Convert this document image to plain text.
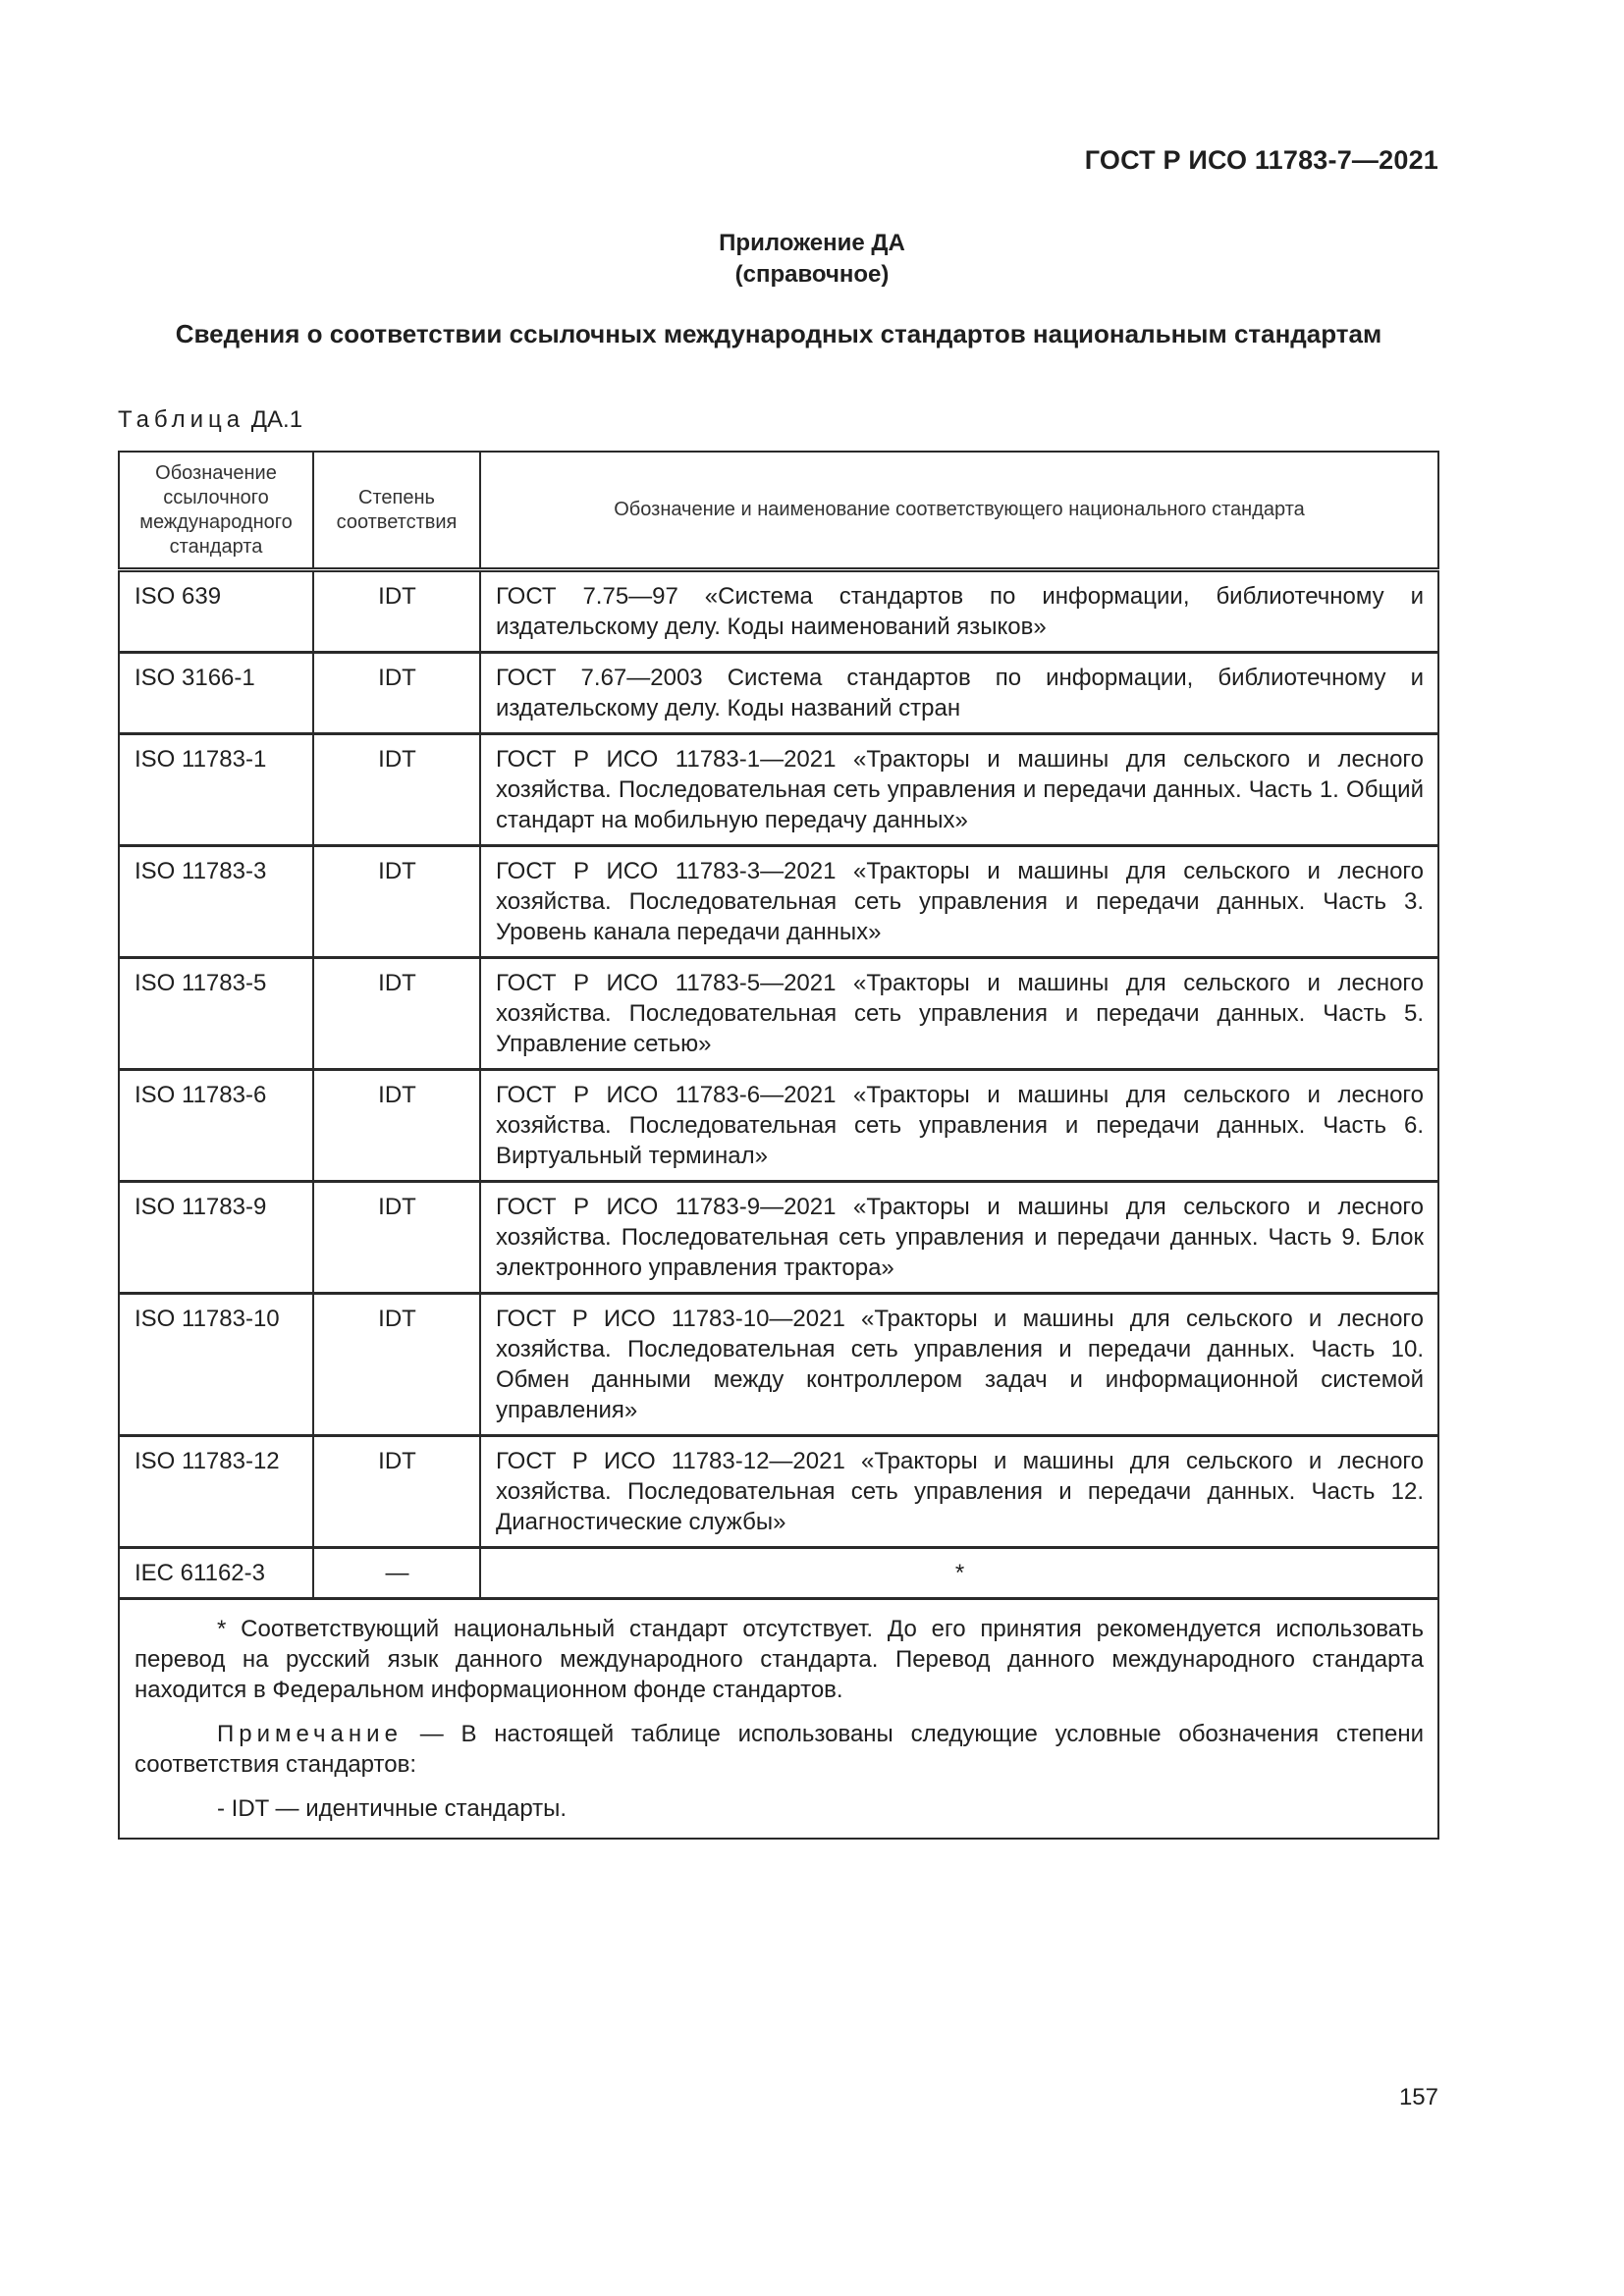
ГОСТ Р ИСО 11783-7—2021
Приложение ДА
(справочное)
Сведения о соответствии ссылочных международных стандартов национальным стандартам
Таблица ДА.1
Обозначение ссылочного международного стандарта	Степень соответствия	Обозначение и наименование соответствующего национального стандарта
ISO 639	IDT	ГОСТ 7.75—97 «Система стандартов по информации, библиотечному и издательскому делу. Коды наименований языков»
ISO 3166-1	IDT	ГОСТ 7.67—2003 Система стандартов по информации, библиотечному и издательскому делу. Коды названий стран
ISO 11783-1	IDT	ГОСТ Р ИСО 11783-1—2021 «Тракторы и машины для сельского и лесного хозяйства. Последовательная сеть управления и передачи данных. Часть 1. Общий стандарт на мобильную передачу данных»
ISO 11783-3	IDT	ГОСТ Р ИСО 11783-3—2021 «Тракторы и машины для сельского и лесного хозяйства. Последовательная сеть управления и передачи данных. Часть 3. Уровень канала передачи данных»
ISO 11783-5	IDT	ГОСТ Р ИСО 11783-5—2021 «Тракторы и машины для сельского и лесного хозяйства. Последовательная сеть управления и передачи данных. Часть 5. Управление сетью»
ISO 11783-6	IDT	ГОСТ Р ИСО 11783-6—2021 «Тракторы и машины для сельского и лесного хозяйства. Последовательная сеть управления и передачи данных. Часть 6. Виртуальный терминал»
ISO 11783-9	IDT	ГОСТ Р ИСО 11783-9—2021 «Тракторы и машины для сельского и лесного хозяйства. Последовательная сеть управления и передачи данных. Часть 9. Блок электронного управления трактора»
ISO 11783-10	IDT	ГОСТ Р ИСО 11783-10—2021 «Тракторы и машины для сельского и лесного хозяйства. Последовательная сеть управления и передачи данных. Часть 10. Обмен данными между контроллером задач и информационной системой управления»
ISO 11783-12	IDT	ГОСТ Р ИСО 11783-12—2021 «Тракторы и машины для сельского и лесного хозяйства. Последовательная сеть управления и передачи данных. Часть 12. Диагностические службы»
IEC 61162-3	—	*

* Соответствующий национальный стандарт отсутствует. До его принятия рекомендуется использовать перевод на русский язык данного международного стандарта. Перевод данного международного стандарта находится в Федеральном информационном фонде стандартов.

Примечание — В настоящей таблице использованы следующие условные обозначения степени соответствия стандартов:

- IDT — идентичные стандарты.		

157
